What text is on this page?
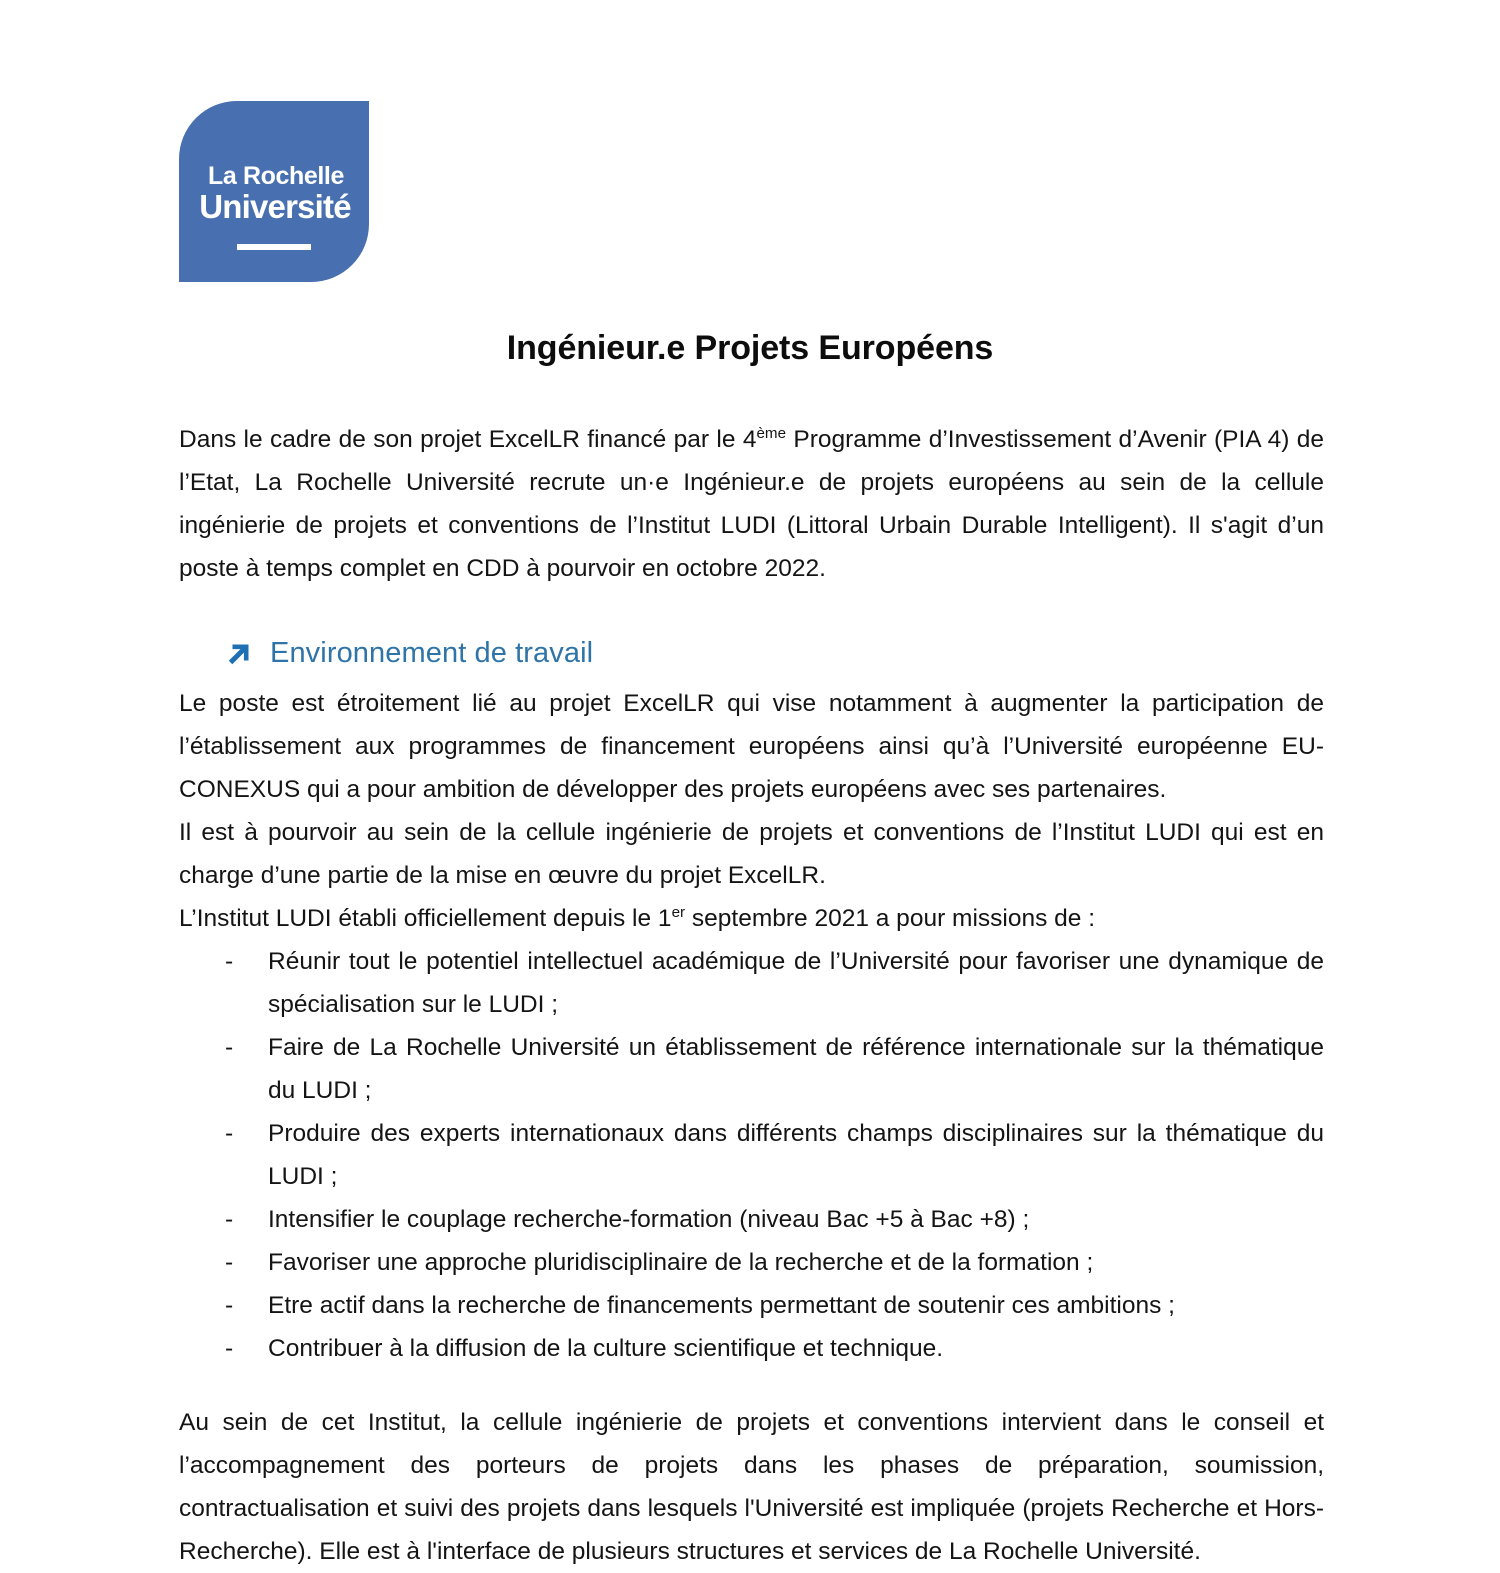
La Rochelle
Université
Ingénieur.e Projets Européens

Dans le cadre de son projet ExcelLR financé par le 4ème Programme d’Investissement d’Avenir (PIA 4) de l’Etat, La Rochelle Université recrute un·e Ingénieur.e de projets européens au sein de la cellule ingénierie de projets et conventions de l’Institut LUDI (Littoral Urbain Durable Intelligent). Il s'agit d’un poste à temps complet en CDD à pourvoir en octobre 2022.

Environnement de travail

Le poste est étroitement lié au projet ExcelLR qui vise notamment à augmenter la participation de l’établissement aux programmes de financement européens ainsi qu’à l’Université européenne EU-CONEXUS qui a pour ambition de développer des projets européens avec ses partenaires.

Il est à pourvoir au sein de la cellule ingénierie de projets et conventions de l’Institut LUDI qui est en charge d’une partie de la mise en œuvre du projet ExcelLR.

L’Institut LUDI établi officiellement depuis le 1er septembre 2021 a pour missions de :

- Réunir tout le potentiel intellectuel académique de l’Université pour favoriser une dynamique de spécialisation sur le LUDI ;
- Faire de La Rochelle Université un établissement de référence internationale sur la thématique du LUDI ;
- Produire des experts internationaux dans différents champs disciplinaires sur la thématique du LUDI ;
- Intensifier le couplage recherche-formation (niveau Bac +5 à Bac +8) ;
- Favoriser une approche pluridisciplinaire de la recherche et de la formation ;
- Etre actif dans la recherche de financements permettant de soutenir ces ambitions ;
- Contribuer à la diffusion de la culture scientifique et technique.

Au sein de cet Institut, la cellule ingénierie de projets et conventions intervient dans le conseil et l’accompagnement des porteurs de projets dans les phases de préparation, soumission, contractualisation et suivi des projets dans lesquels l'Université est impliquée (projets Recherche et Hors-Recherche). Elle est à l'interface de plusieurs structures et services de La Rochelle Université.
